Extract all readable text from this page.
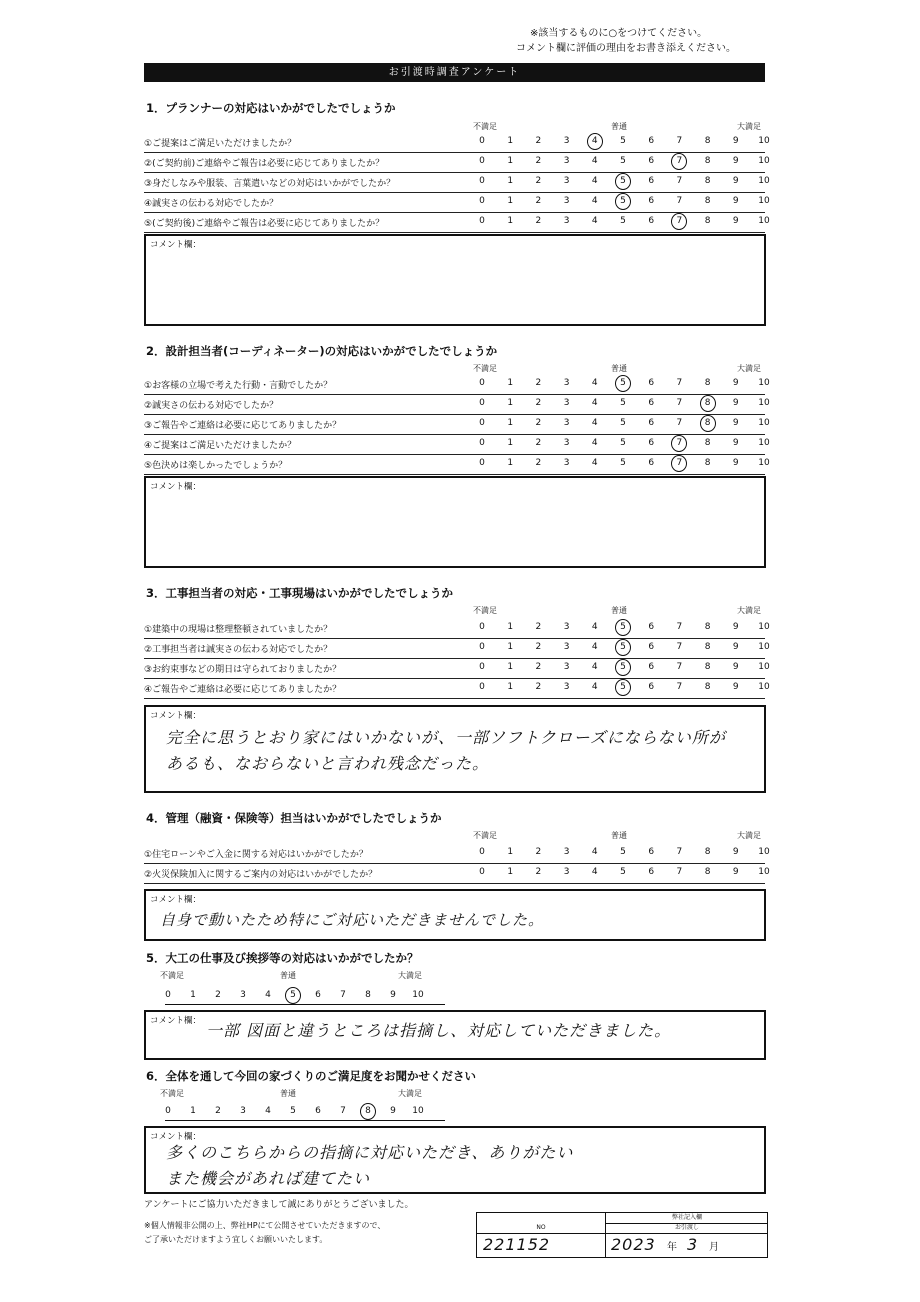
※該当するものに○をつけてください。
コメント欄に評価の理由をお書き添えください。
お引渡時調査アンケート
1．プランナーの対応はいかがでしたでしょうか
不満足	普通	大満足
①ご提案はご満足いただけましたか？	0	1	2	3	4	5	6	7	8	9	10
②(ご契約前)ご連絡やご報告は必要に応じてありましたか？	0	1	2	3	4	5	6	7	8	9	10
③身だしなみや服装、言葉遣いなどの対応はいかがでしたか？	0	1	2	3	4	5	6	7	8	9	10
④誠実さの伝わる対応でしたか？	0	1	2	3	4	5	6	7	8	9	10
⑤(ご契約後)ご連絡やご報告は必要に応じてありましたか？	0	1	2	3	4	5	6	7	8	9	10
コメント欄：
2．設計担当者(コーディネーター)の対応はいかがでしたでしょうか
不満足	普通	大満足
①お客様の立場で考えた行動・言動でしたか？	0	1	2	3	4	5	6	7	8	9	10
②誠実さの伝わる対応でしたか？	0	1	2	3	4	5	6	7	8	9	10
③ご報告やご連絡は必要に応じてありましたか？	0	1	2	3	4	5	6	7	8	9	10
④ご提案はご満足いただけましたか？	0	1	2	3	4	5	6	7	8	9	10
⑤色決めは楽しかったでしょうか？	0	1	2	3	4	5	6	7	8	9	10
コメント欄：
3．工事担当者の対応・工事現場はいかがでしたでしょうか
不満足	普通	大満足
①建築中の現場は整理整頓されていましたか？	0	1	2	3	4	5	6	7	8	9	10
②工事担当者は誠実さの伝わる対応でしたか？	0	1	2	3	4	5	6	7	8	9	10
③お約束事などの期日は守られておりましたか？	0	1	2	3	4	5	6	7	8	9	10
④ご報告やご連絡は必要に応じてありましたか？	0	1	2	3	4	5	6	7	8	9	10
コメント欄：
完全に思うとおり家にはいかないが、一部ソフトクローズにならない所が
あるも、なおらないと言われ残念だった。
4．管理（融資・保険等）担当はいかがでしたでしょうか
不満足	普通	大満足
①住宅ローンやご入金に関する対応はいかがでしたか？	0	1	2	3	4	5	6	7	8	9	10
②火災保険加入に関するご案内の対応はいかがでしたか？	0	1	2	3	4	5	6	7	8	9	10
コメント欄：
自身で動いたため特にご対応いただきませんでした。
5．大工の仕事及び挨拶等の対応はいかがでしたか？
不満足	普通	大満足
0	1	2	3	4	5	6	7	8	9	10
コメント欄： 一部 図面と違うところは指摘し、対応していただきました。
6．全体を通して今回の家づくりのご満足度をお聞かせください
不満足	普通	大満足
0	1	2	3	4	5	6	7	8	9	10
コメント欄：
多くのこちらからの指摘に対応いただき、ありがたい
また機会があれば建てたい
アンケートにご協力いただきまして誠にありがとうございました。
※個人情報非公開の上、弊社HPにて公開させていただきますので、
ご了承いただけますよう宜しくお願いいたします。
弊社記入欄
NO	お引渡し
221152	2023 年 3 月
